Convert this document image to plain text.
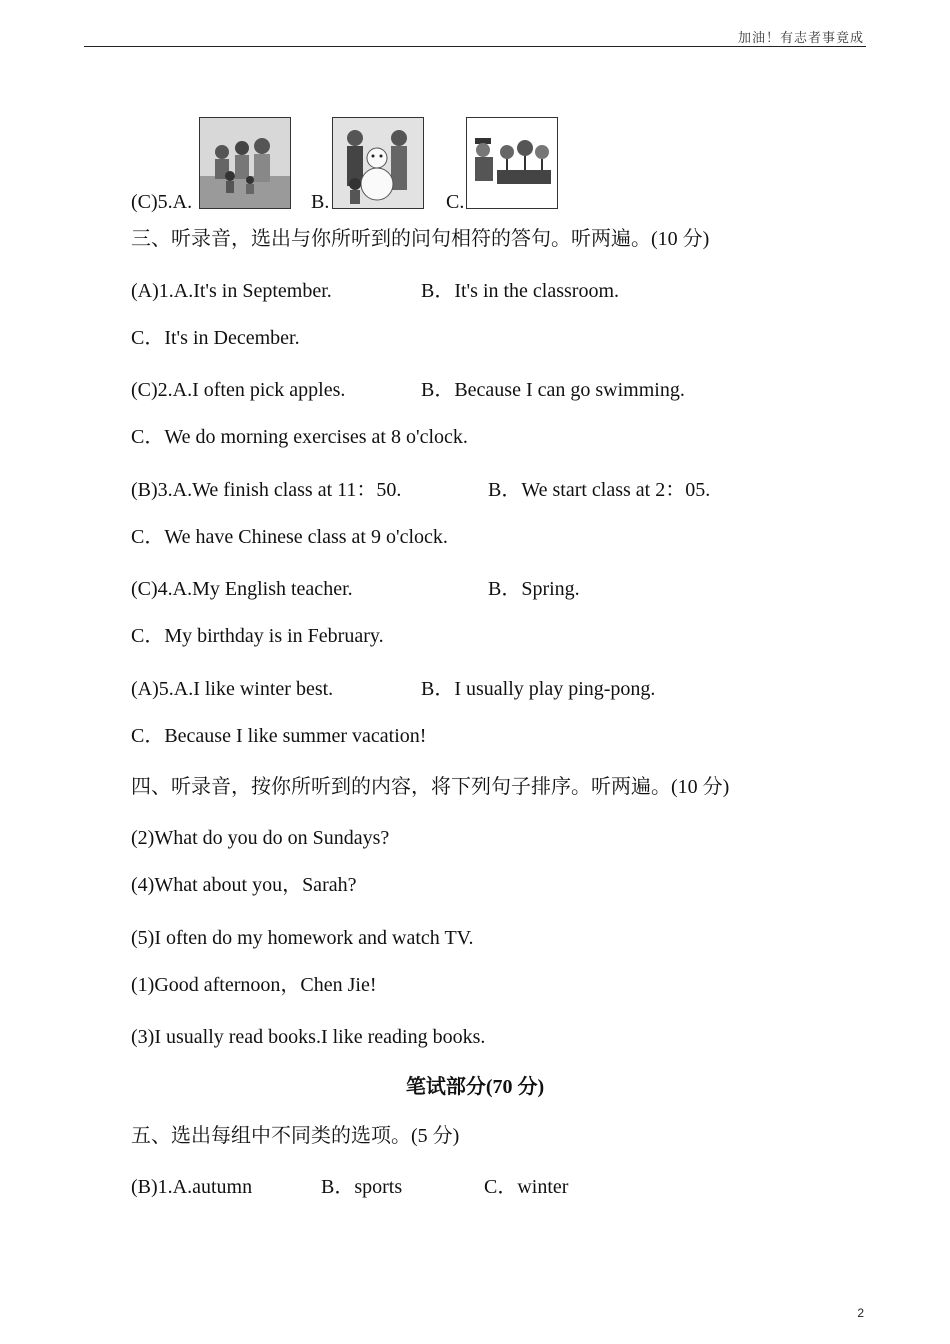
加油！有志者事竟成
(C)5.A.	B.	C.
三、听录音，选出与你所听到的问句相符的答句。听两遍。(10 分)
(A)1.A.It's in September.	B．It's in the classroom.
C．It's in December.
(C)2.A.I often pick apples.	B．Because I can go swimming.
C．We do morning exercises at 8 o'clock.
(B)3.A.We finish class at 11：50.	B．We start class at 2：05.
C．We have Chinese class at 9 o'clock.
(C)4.A.My English teacher.	B．Spring.
C．My birthday is in February.
(A)5.A.I like winter best.	B．I usually play ping-pong.
C．Because I like summer vacation!
四、听录音，按你所听到的内容，将下列句子排序。听两遍。(10 分)
(2)What do you do on Sundays?
(4)What about you，Sarah?
(5)I often do my homework and watch TV.
(1)Good afternoon，Chen Jie!
(3)I usually read books.I like reading books.
笔试部分(70 分)
五、选出每组中不同类的选项。(5 分)
(B)1.A.autumn	B．sports	C．winter
2
